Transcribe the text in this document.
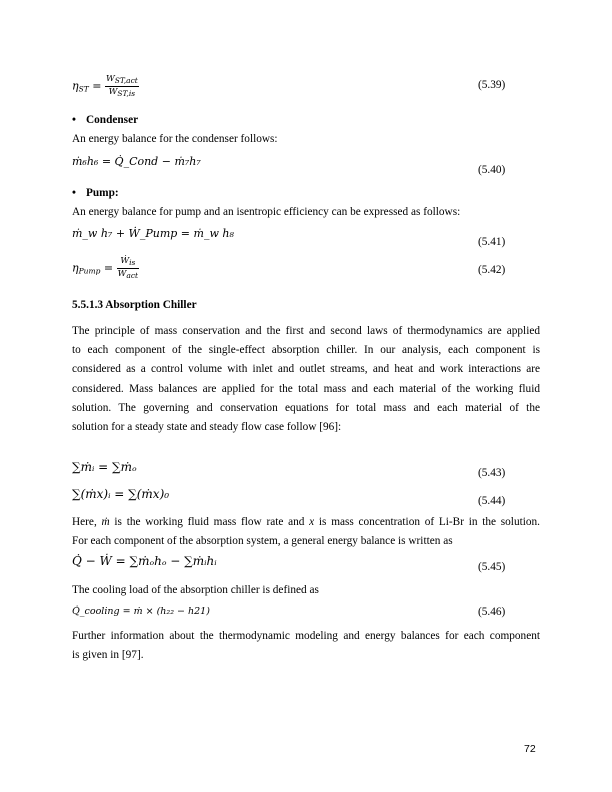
$\eta_{ST} = \frac{\text{WST,act}}{\text{WST,is}}$	(5.39)
• Condenser
An energy balance for the condenser follows:
ṁ₆h₆ = Q̇_Cond − ṁ₇h₇
(5.40)
• Pump:
An energy balance for pump and an isentropic efficiency can be expressed as follows:
ṁ_w h₇ + Ẇ_Pump = ṁ_w h₈
(5.41)
$\eta_{Pump} = \frac{\text{Ẇis}}{\text{Ẇact}}$	(5.42)
5.5.1.3 Absorption Chiller

The principle of mass conservation and the first and second laws of thermodynamics are applied

to each component of the single-effect absorption chiller. In our analysis, each component is

considered as a control volume with inlet and outlet streams, and heat and work interactions are

considered. Mass balances are applied for the total mass and each material of the working fluid

solution. The governing and conservation equations for total mass and each material of the

solution for a steady state and steady flow case follow [96]:

∑ṁᵢ = ∑ṁₒ	(5.43)
∑(ṁx)ᵢ = ∑(ṁx)₀	(5.44)

Here, ṁ is the working fluid mass flow rate and x is mass concentration of Li-Br in the solution.

For each component of the absorption system, a general energy balance is written as

Q̇ − Ẇ = ∑ṁₒhₒ − ∑ṁᵢhᵢ	(5.45)
The cooling load of the absorption chiller is defined as
Q̇_cooling = ṁ × (h₂₂ − h21)	(5.46)

Further information about the thermodynamic modeling and energy balances for each component

is given in [97].

72
